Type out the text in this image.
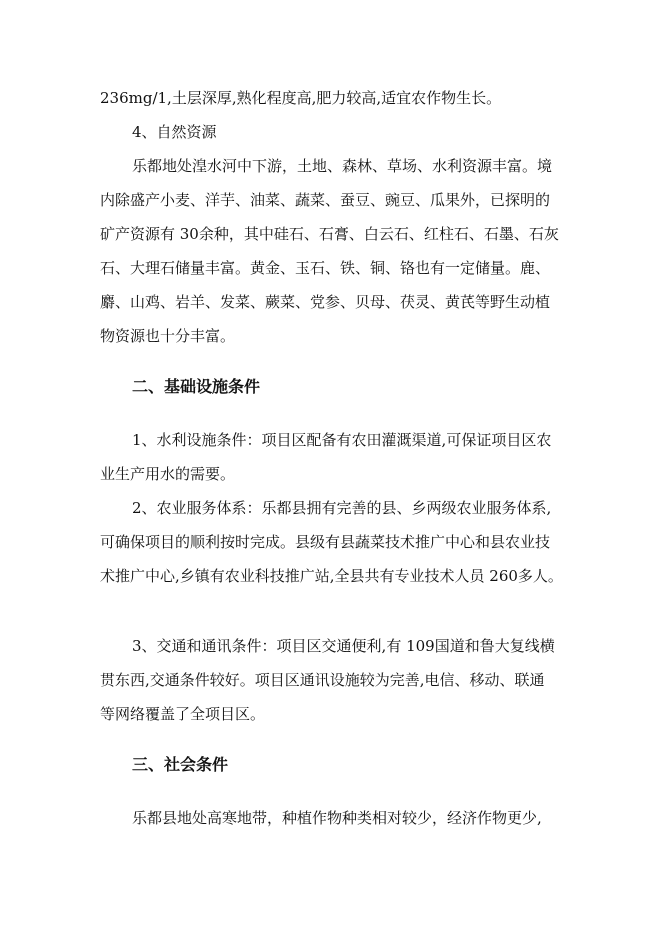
236mg/1,土层深厚,熟化程度高,肥力较高,适宜农作物生长。
4、自然资源
乐都地处湟水河中下游，土地、森林、草场、水利资源丰富。境
内除盛产小麦、洋芋、油菜、蔬菜、蚕豆、豌豆、瓜果外，已探明的
矿产资源有 30余种，其中硅石、石膏、白云石、红柱石、石墨、石灰
石、大理石储量丰富。黄金、玉石、铁、铜、铬也有一定储量。鹿、
麝、山鸡、岩羊、发菜、蕨菜、党参、贝母、茯灵、黄芪等野生动植
物资源也十分丰富。
二、基础设施条件
1、水利设施条件：项目区配备有农田灌溉渠道,可保证项目区农
业生产用水的需要。
2、农业服务体系：乐都县拥有完善的县、乡两级农业服务体系,
可确保项目的顺利按时完成。县级有县蔬菜技术推广中心和县农业技
术推广中心,乡镇有农业科技推广站,全县共有专业技术人员 260多人。
3、交通和通讯条件：项目区交通便利,有 109国道和鲁大复线横
贯东西,交通条件较好。项目区通讯设施较为完善,电信、移动、联通
等网络覆盖了全项目区。
三、社会条件
乐都县地处高寒地带，种植作物种类相对较少，经济作物更少,
